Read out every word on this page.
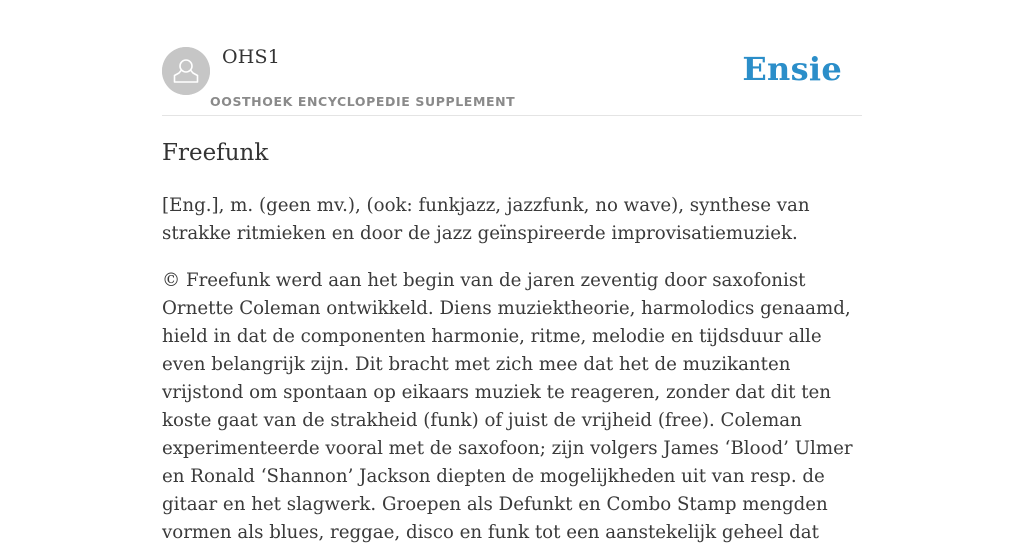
OHS1
OOSTHOEK ENCYCLOPEDIE SUPPLEMENT
Ensie
Freefunk

[Eng.], m. (geen mv.), (ook: funkjazz, jazzfunk, no wave), synthese van strakke ritmieken en door de jazz geïnspireerde improvisatiemuziek.

© Freefunk werd aan het begin van de jaren zeventig door saxofonist Ornette Coleman ontwikkeld. Diens muziektheorie, harmolodics genaamd, hield in dat de componenten harmonie, ritme, melodie en tijdsduur alle even belangrijk zijn. Dit bracht met zich mee dat het de muzikanten vrijstond om spontaan op eikaars muziek te reageren, zonder dat dit ten koste gaat van de strakheid (funk) of juist de vrijheid (free). Coleman experimenteerde vooral met de saxofoon; zijn volgers James ‘Blood’ Ulmer en Ronald ‘Shannon’ Jackson diepten de mogelijkheden uit van resp. de gitaar en het slagwerk. Groepen als Defunkt en Combo Stamp mengden vormen als blues, reggae, disco en funk tot een aanstekelijk geheel dat
